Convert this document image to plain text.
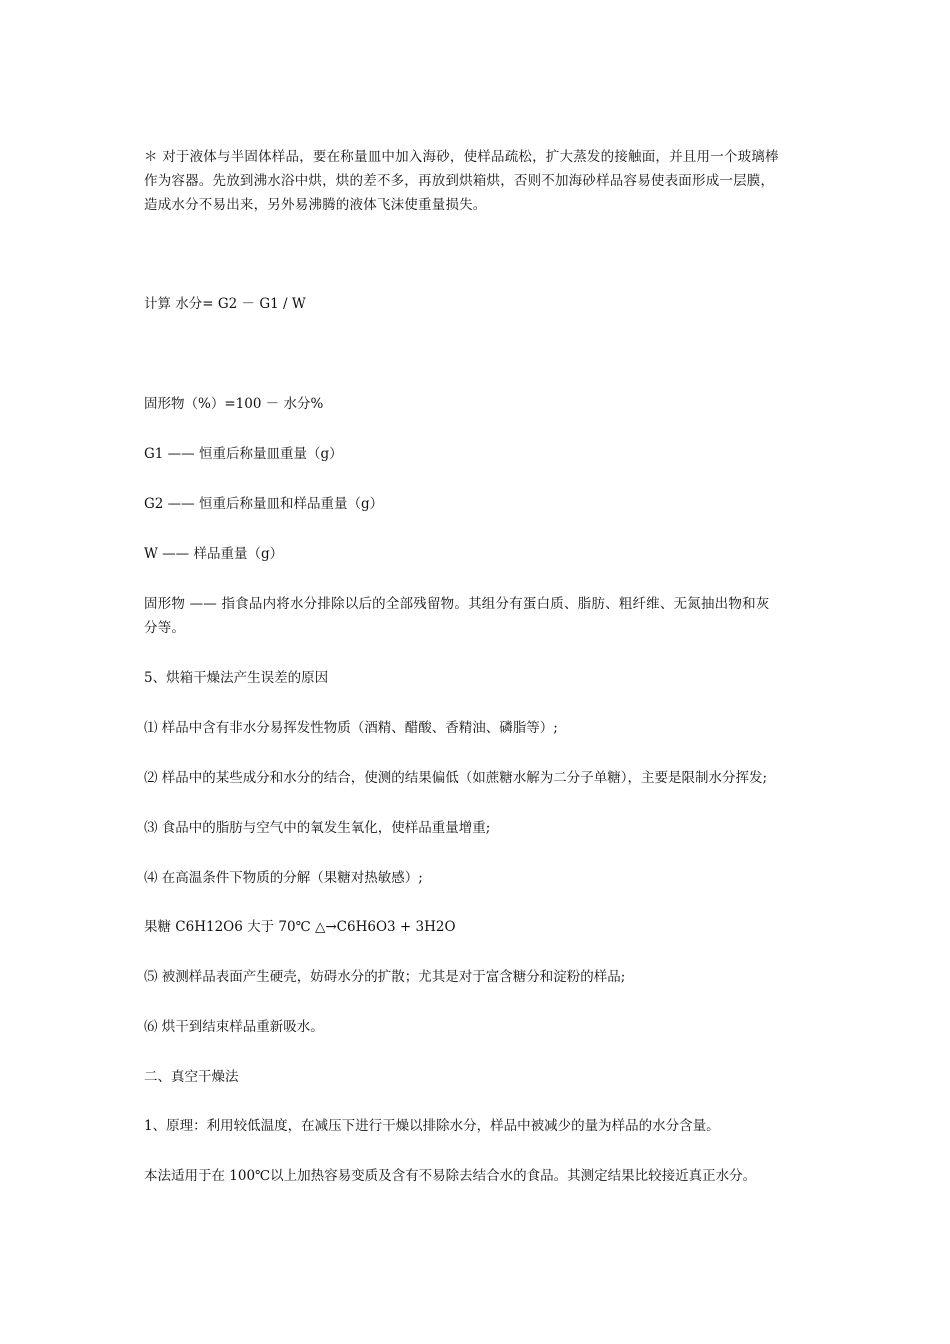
＊ 对于液体与半固体样品，要在称量皿中加入海砂，使样品疏松，扩大蒸发的接触面，并且用一个玻璃棒
作为容器。先放到沸水浴中烘，烘的差不多，再放到烘箱烘，否则不加海砂样品容易使表面形成一层膜，
造成水分不易出来，另外易沸腾的液体飞沫使重量损失。
计算 水分= G2 － G1 / W
固形物（%）=100 － 水分%
G1 —— 恒重后称量皿重量（g）
G2 —— 恒重后称量皿和样品重量（g）
W —— 样品重量（g）
固形物 —— 指食品内将水分排除以后的全部残留物。其组分有蛋白质、脂肪、粗纤维、无氮抽出物和灰
分等。
5、烘箱干燥法产生误差的原因
⑴ 样品中含有非水分易挥发性物质（酒精、醋酸、香精油、磷脂等）;
⑵ 样品中的某些成分和水分的结合，使测的结果偏低（如蔗糖水解为二分子单糖），主要是限制水分挥发;
⑶ 食品中的脂肪与空气中的氧发生氧化，使样品重量增重;
⑷ 在高温条件下物质的分解（果糖对热敏感）;
果糖 C6H12O6 大于 70℃ △→C6H6O3 + 3H2O
⑸ 被测样品表面产生硬壳，妨碍水分的扩散；尤其是对于富含糖分和淀粉的样品;
⑹ 烘干到结束样品重新吸水。
二、真空干燥法
1、原理：利用较低温度，在减压下进行干燥以排除水分，样品中被减少的量为样品的水分含量。
本法适用于在 100℃以上加热容易变质及含有不易除去结合水的食品。其测定结果比较接近真正水分。
